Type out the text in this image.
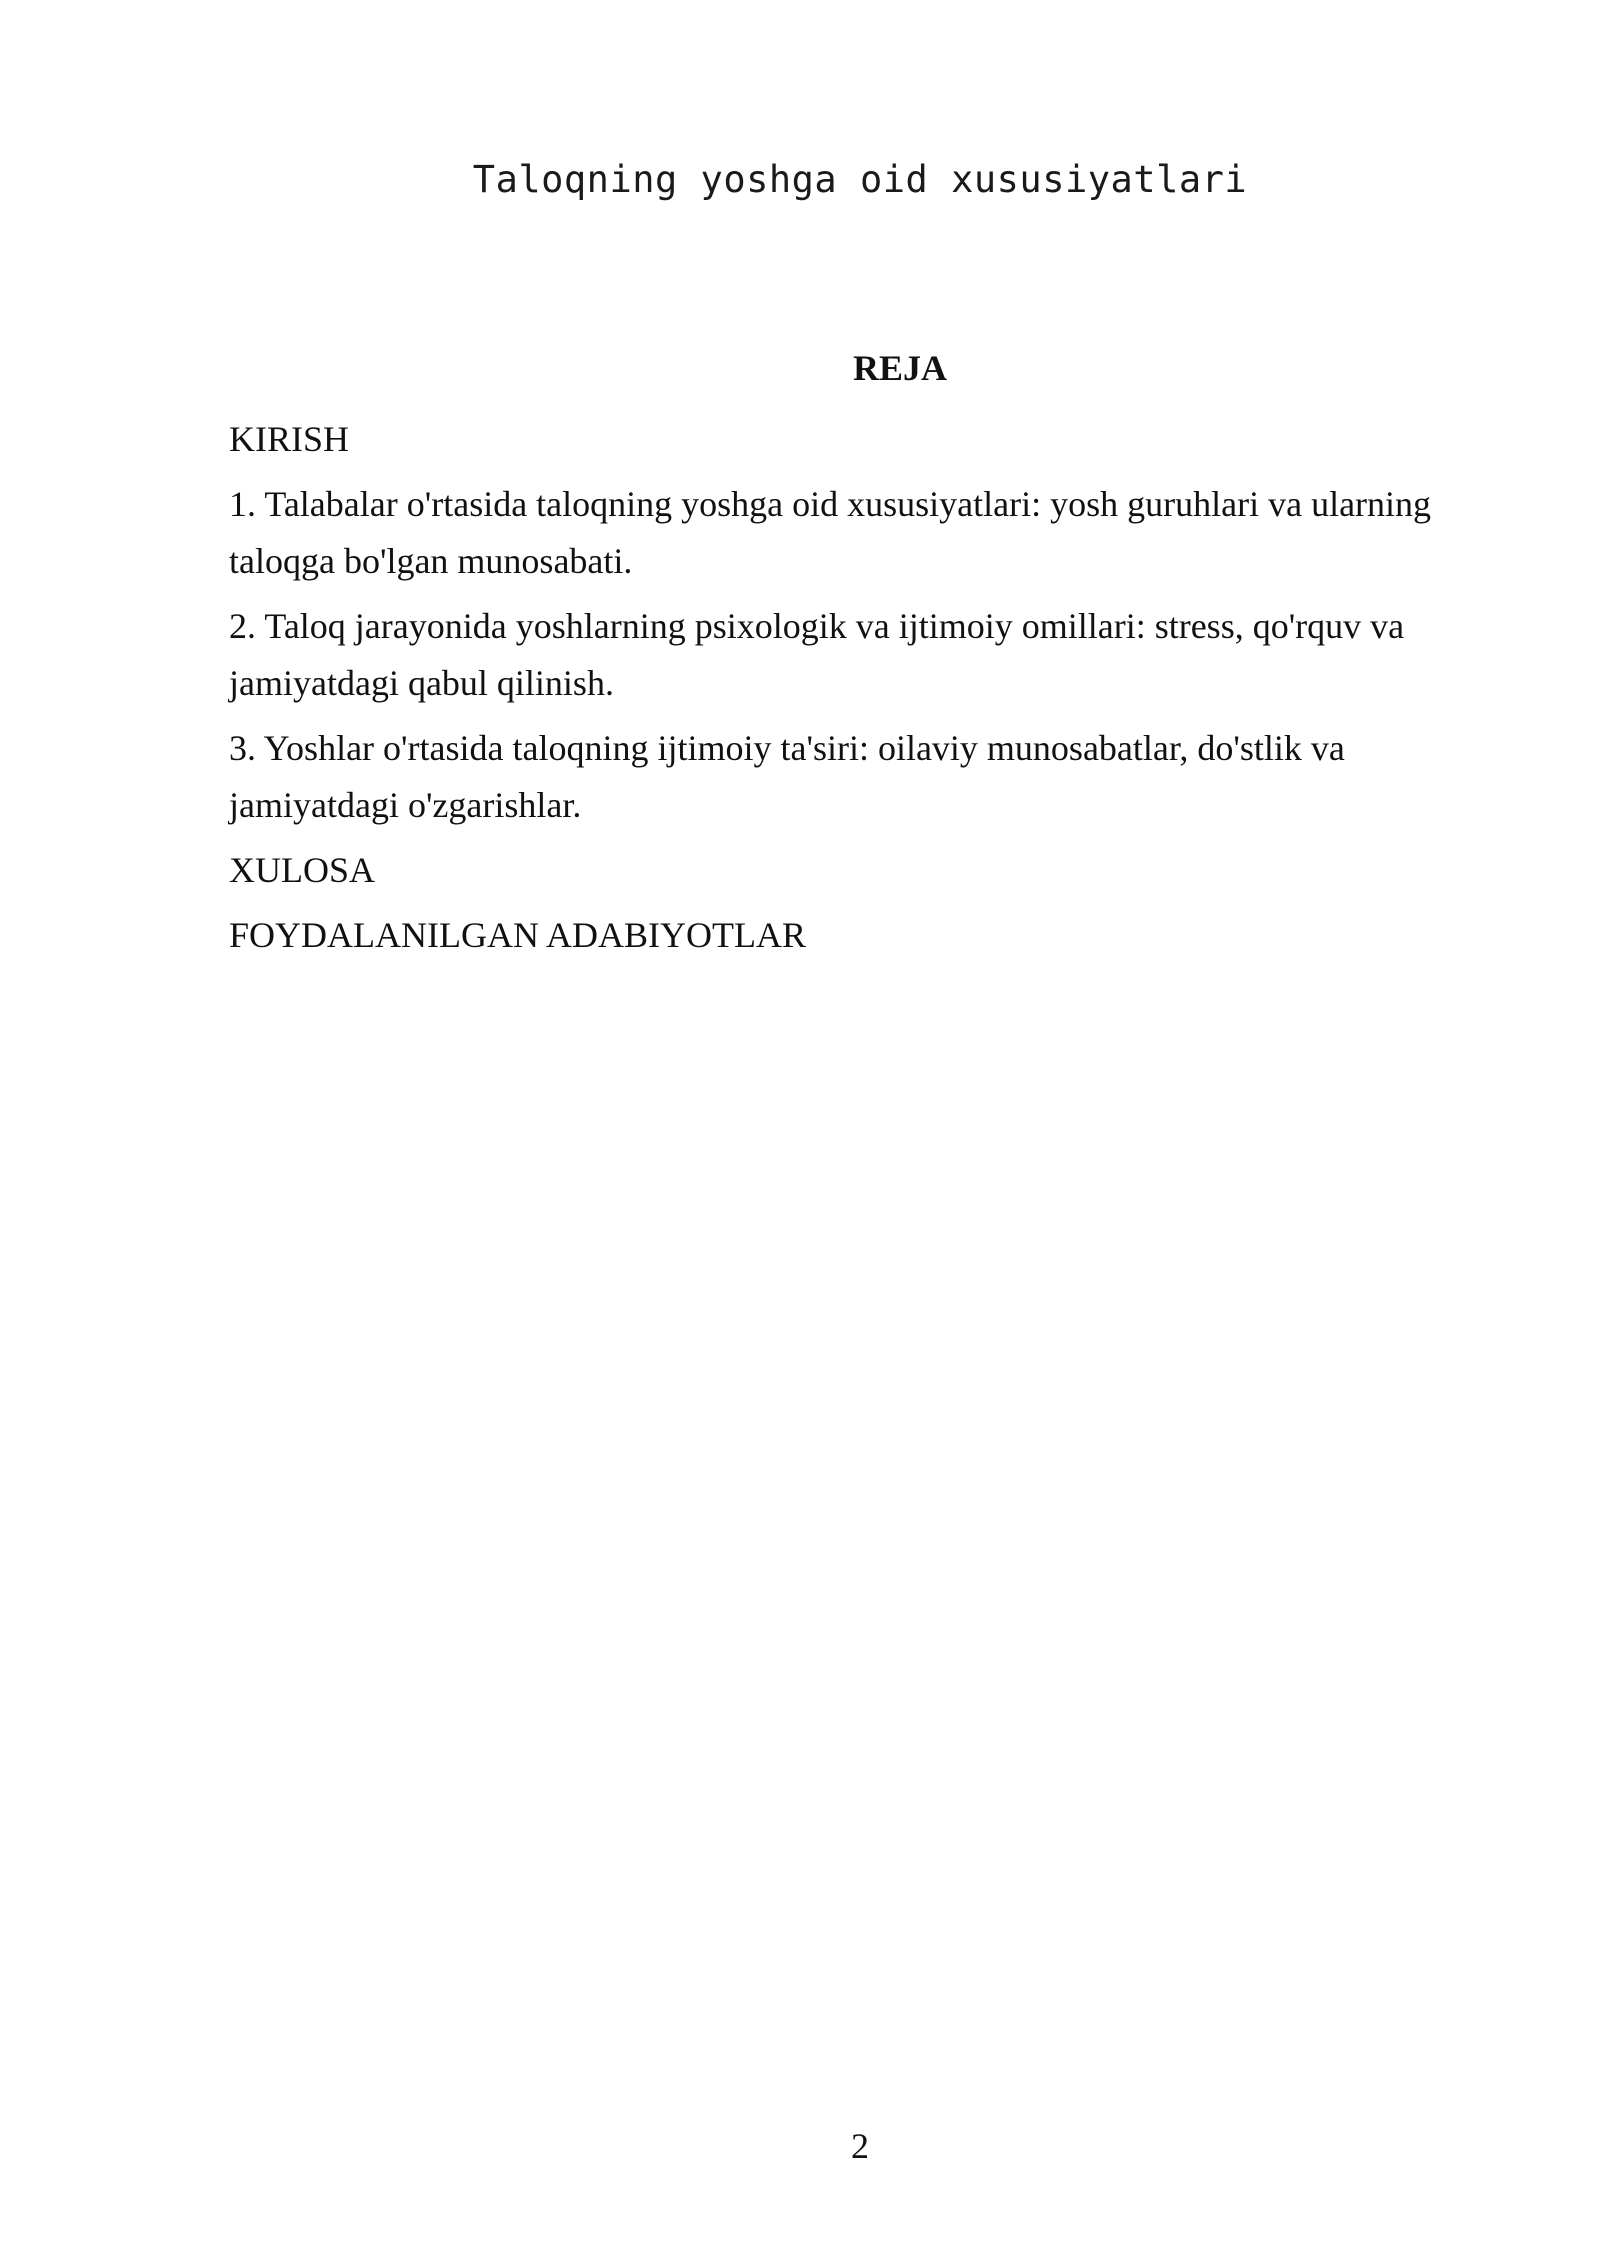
Taloqning yoshga oid xususiyatlari
REJA
KIRISH
1. Talabalar o'rtasida taloqning yoshga oid xususiyatlari: yosh guruhlari va ularning taloqga bo'lgan munosabati.
2. Taloq jarayonida yoshlarning psixologik va ijtimoiy omillari: stress, qo'rquv va jamiyatdagi qabul qilinish.
3. Yoshlar o'rtasida taloqning ijtimoiy ta'siri: oilaviy munosabatlar, do'stlik va jamiyatdagi o'zgarishlar.
XULOSA
FOYDALANILGAN ADABIYOTLAR
2
